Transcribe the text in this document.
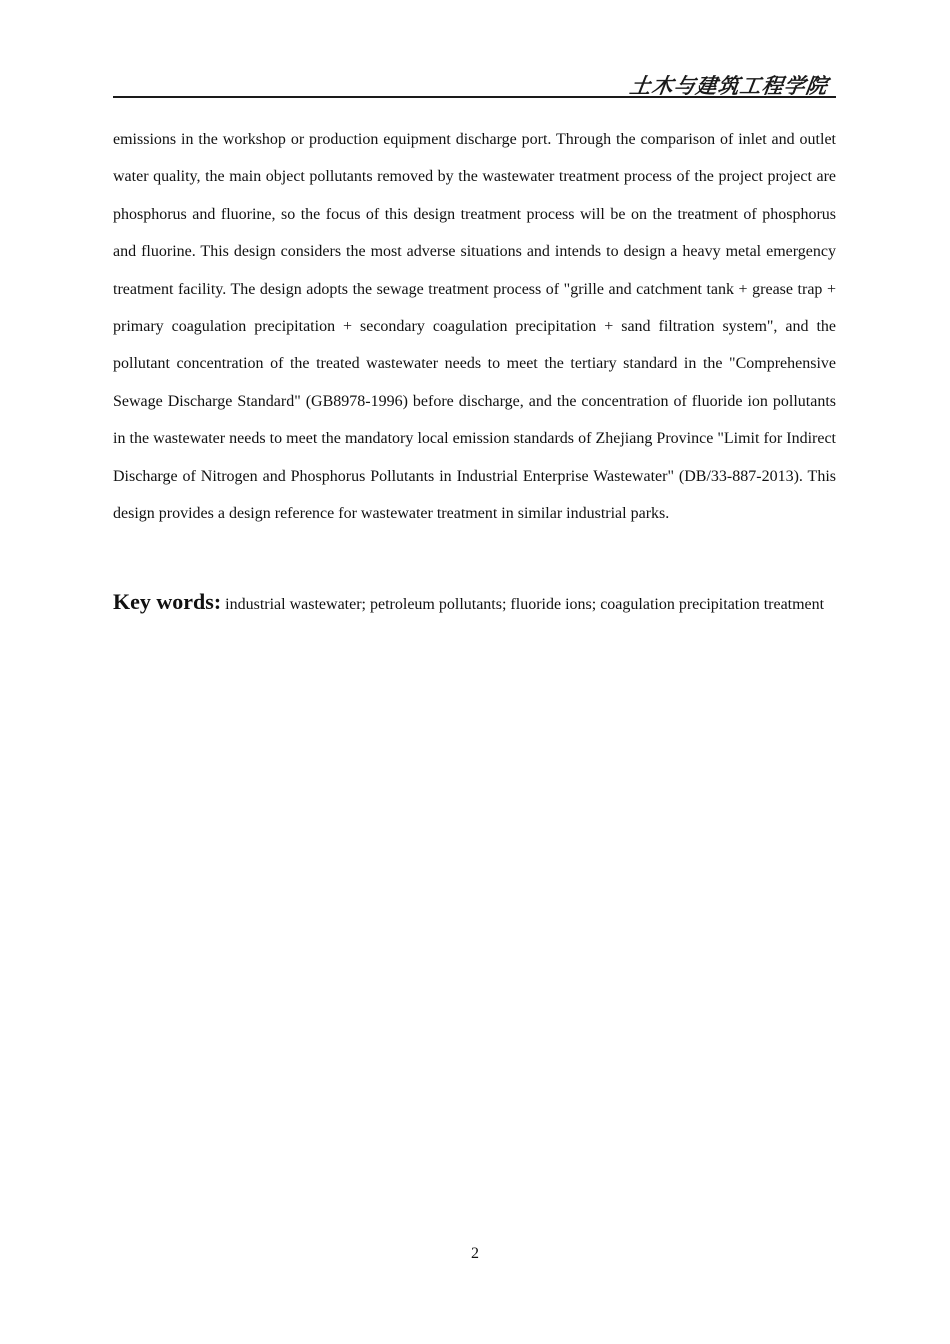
土木与建筑工程学院

emissions in the workshop or production equipment discharge port. Through the comparison of inlet and outlet water quality, the main object pollutants removed by the wastewater treatment process of the project project are phosphorus and fluorine, so the focus of this design treatment process will be on the treatment of phosphorus and fluorine. This design considers the most adverse situations and intends to design a heavy metal emergency treatment facility. The design adopts the sewage treatment process of "grille and catchment tank + grease trap + primary coagulation precipitation + secondary coagulation precipitation + sand filtration system", and the pollutant concentration of the treated wastewater needs to meet the tertiary standard in the "Comprehensive Sewage Discharge Standard" (GB8978-1996) before discharge, and the concentration of fluoride ion pollutants in the wastewater needs to meet the mandatory local emission standards of Zhejiang Province "Limit for Indirect Discharge of Nitrogen and Phosphorus Pollutants in Industrial Enterprise Wastewater" (DB/33-887-2013). This design provides a design reference for wastewater treatment in similar industrial parks.

Key words: industrial wastewater; petroleum pollutants; fluoride ions; coagulation precipitation treatment

2
